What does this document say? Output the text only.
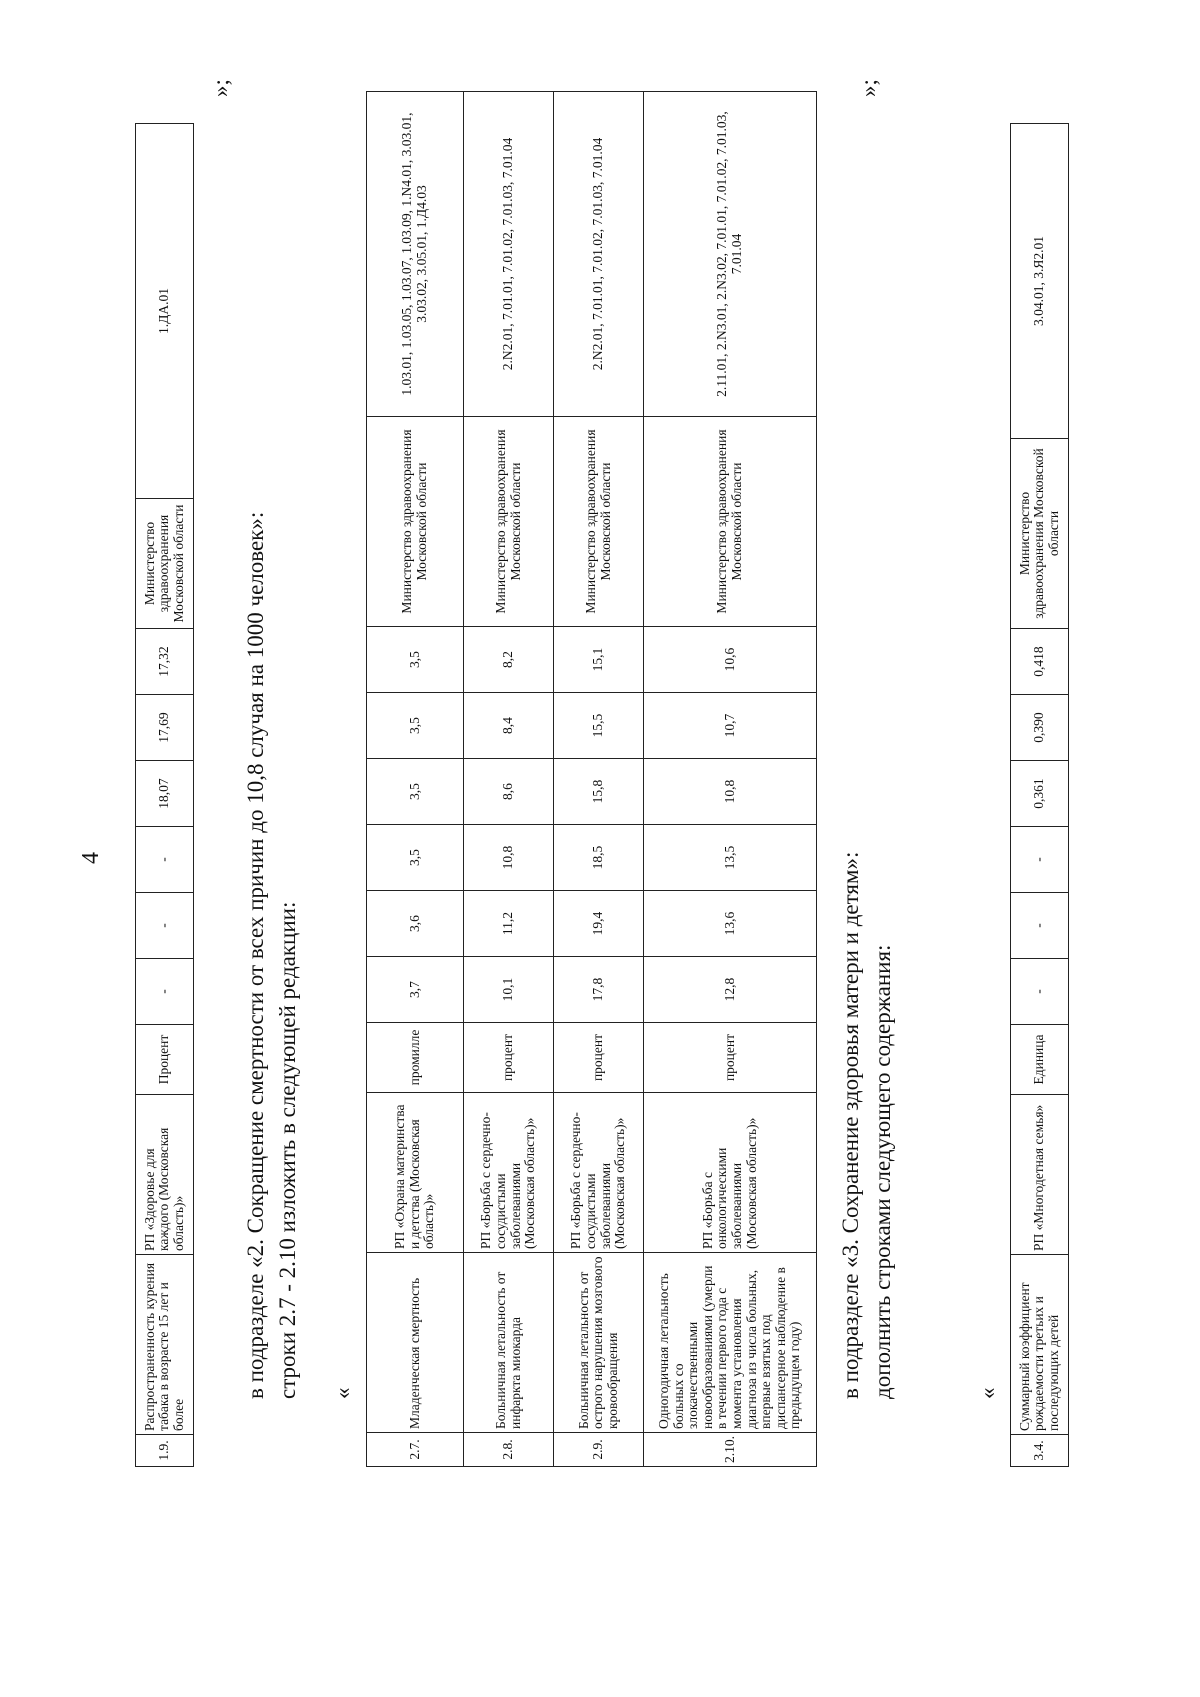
4
1.9.	Распространенность курения табака в возрасте 15 лет и более	РП «Здоровье для каждого (Московская область)»	Процент	-	-	-	18,07	17,69	17,32	Министерство здравоохранения Московской области	1.ДА.01
»;
в подразделе «2. Сокращение смертности от всех причин до 10,8 случая на 1000 человек»: строки 2.7 - 2.10 изложить в следующей редакции: «
2.7.	Младенческая смертность	РП «Охрана материнства и детства (Московская область)»	промилле	3,7	3,6	3,5	3,5	3,5	3,5	Министерство здравоохранения Московской области	1.03.01, 1.03.05, 1.03.07, 1.03.09, 1.N4.01, 3.03.01, 3.03.02, 3.05.01, 1.Д4.03
2.8.	Больничная летальность от инфаркта миокарда	РП «Борьба с сердечно-сосудистыми заболеваниями (Московская область)»	процент	10,1	11,2	10,8	8,6	8,4	8,2	Министерство здравоохранения Московской области	2.N2.01, 7.01.01, 7.01.02, 7.01.03, 7.01.04
2.9.	Больничная летальность от острого нарушения мозгового кровообращения	РП «Борьба с сердечно-сосудистыми заболеваниями (Московская область)»	процент	17,8	19,4	18,5	15,8	15,5	15,1	Министерство здравоохранения Московской области	2.N2.01, 7.01.01, 7.01.02, 7.01.03, 7.01.04
2.10.	Одногодичная летальность больных со злокачественными новообразованиями (умерли в течении первого года с момента установления диагноза из числа больных, впервые взятых под диспансерное наблюдение в предыдущем году)	РП «Борьба с онкологическими заболеваниями (Московская область)»	процент	12,8	13,6	13,5	10,8	10,7	10,6	Министерство здравоохранения Московской области	2.11.01, 2.N3.01, 2.N3.02, 7.01.01, 7.01.02, 7.01.03, 7.01.04
»;
в подразделе «3. Сохранение здоровья матери и детям»: дополнить строками следующего содержания:	«
3.4.	Суммарный коэффициент рождаемости третьих и последующих детей	РП «Многодетная семья»	Единица	-	-	-	0,361	0,390	0,418	Министерство здравоохранения Московской области	3.04.01, 3.Я2.01
